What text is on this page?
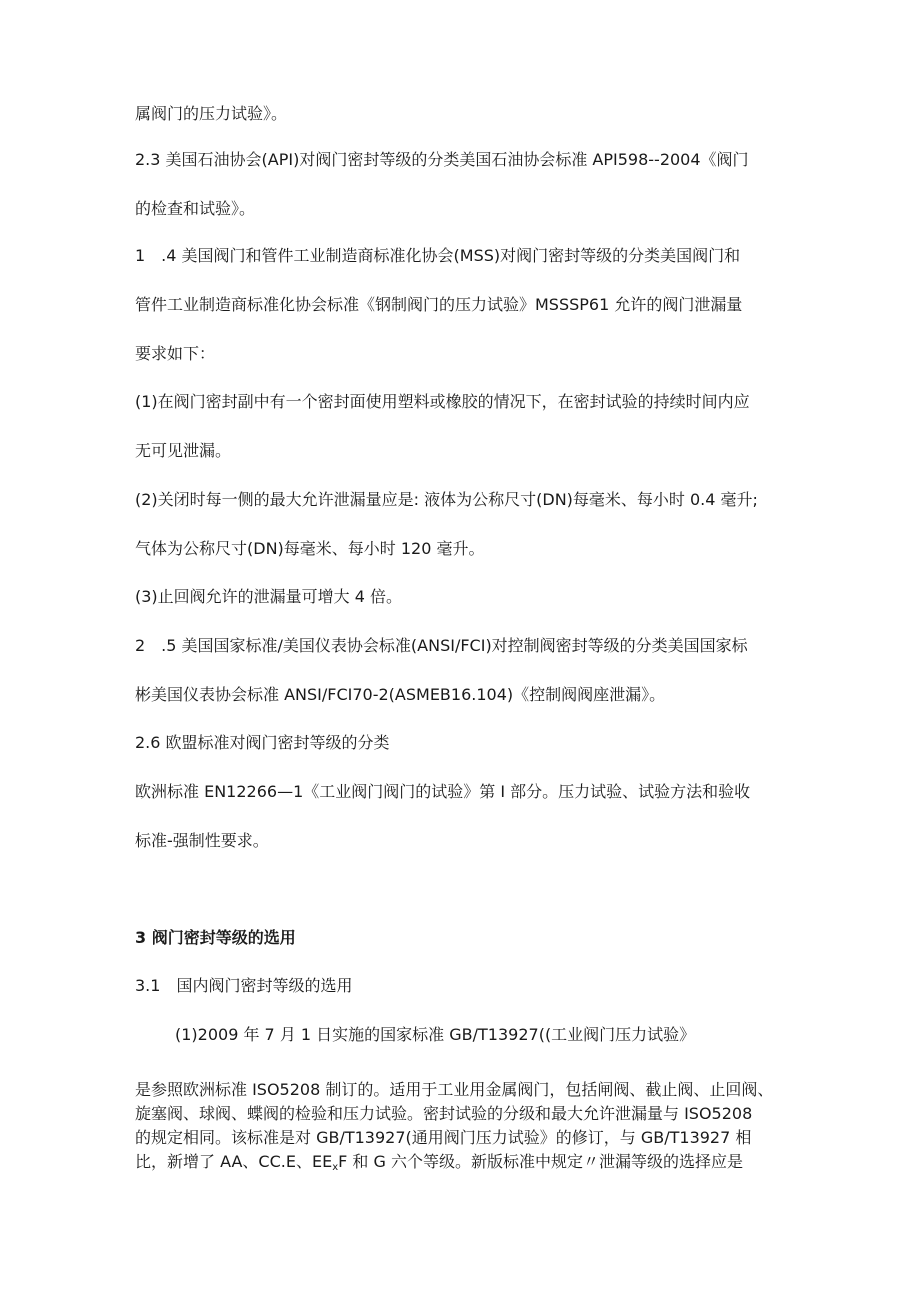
属阀门的压力试验》。
2.3 美国石油协会(API)对阀门密封等级的分类美国石油协会标准 API598--2004《阀门
的检查和试验》。
1　.4 美国阀门和管件工业制造商标准化协会(MSS)对阀门密封等级的分类美国阀门和
管件工业制造商标准化协会标准《钢制阀门的压力试验》MSSSP61 允许的阀门泄漏量
要求如下：
(1)在阀门密封副中有一个密封面使用塑料或橡胶的情况下，在密封试验的持续时间内应
无可见泄漏。
(2)关闭时每一侧的最大允许泄漏量应是: 液体为公称尺寸(DN)每毫米、每小时 0.4 毫升;
气体为公称尺寸(DN)每毫米、每小时 120 毫升。
(3)止回阀允许的泄漏量可增大 4 倍。
2　.5 美国国家标准/美国仪表协会标准(ANSI/FCI)对控制阀密封等级的分类美国国家标
彬美国仪表协会标准 ANSI/FCI70-2(ASMEB16.104)《控制阀阀座泄漏》。
2.6 欧盟标准对阀门密封等级的分类
欧洲标准 EN12266—1《工业阀门阀门的试验》第 I 部分。压力试验、试验方法和验收
标准-强制性要求。
3 阀门密封等级的选用
3.1　国内阀门密封等级的选用
(1)2009 年 7 月 1 日实施的国家标准 GB/T13927((工业阀门压力试验》
是参照欧洲标准 ISO5208 制订的。适用于工业用金属阀门，包括闸阀、截止阀、止回阀、
旋塞阀、球阀、蝶阀的检验和压力试验。密封试验的分级和最大允许泄漏量与 ISO5208
的规定相同。该标准是对 GB/T13927(通用阀门压力试验》的修订，与 GB/T13927 相
比，新增了 AA、CC.E、$EE_xF$ 和 G 六个等级。新版标准中规定〃泄漏等级的选择应是
